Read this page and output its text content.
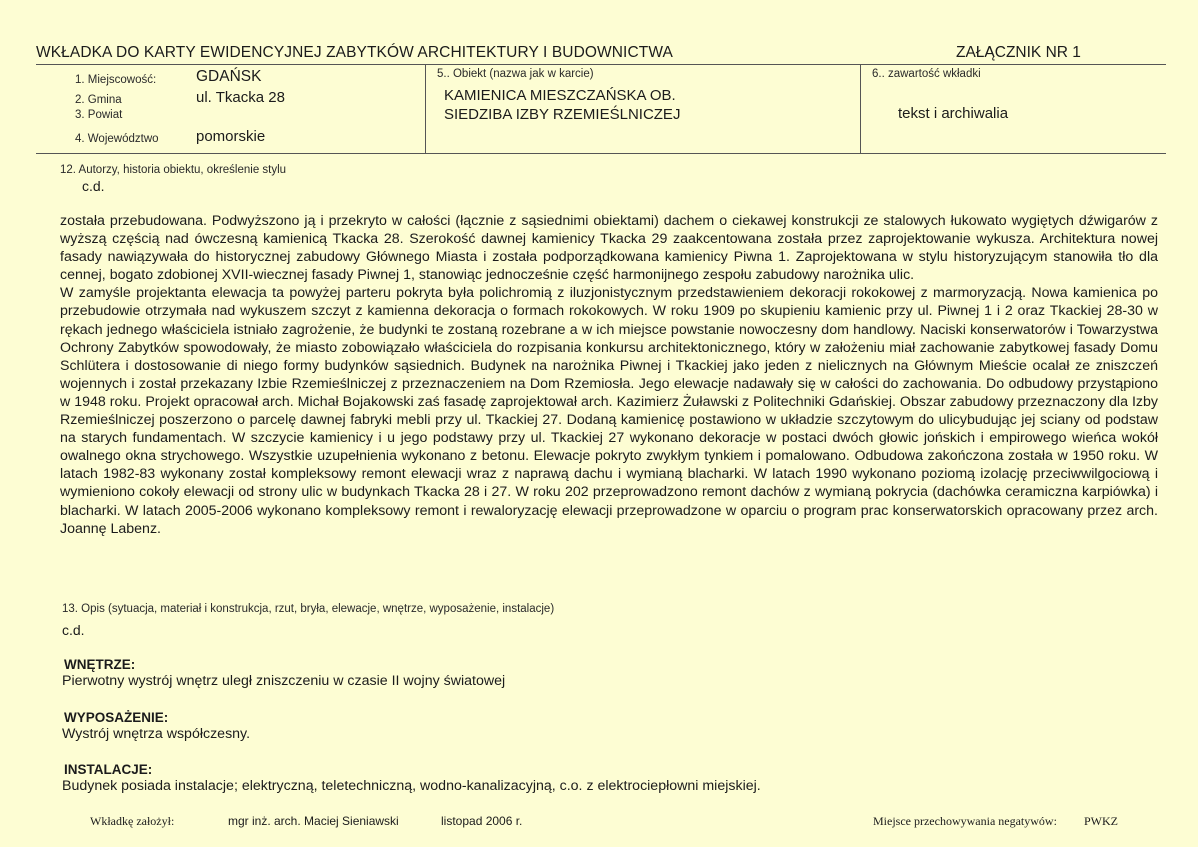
WKŁADKA DO KARTY EWIDENCYJNEJ ZABYTKÓW ARCHITEKTURY I BUDOWNICTWA	ZAŁĄCZNIK NR 1
1. Miejscowość:	GDAŃSK
2. Gmina	ul. Tkacka 28
3. Powiat
4. Województwo pomorskie
5.. Obiekt (nazwa jak w karcie)
KAMIENICA MIESZCZAŃSKA OB.
SIEDZIBA IZBY RZEMIEŚLNICZEJ
6.. zawartość wkładki
tekst i archiwalia
12. Autorzy, historia obiektu, określenie stylu
c.d.

została przebudowana. Podwyższono ją i przekryto w całości (łącznie z sąsiednimi obiektami) dachem o ciekawej konstrukcji ze stalowych łukowato wygiętych dźwigarów z wyższą częścią nad ówczesną kamienicą Tkacka 28. Szerokość dawnej kamienicy Tkacka 29 zaakcentowana została przez zaprojektowanie wykusza. Architektura nowej fasady nawiązywała do historycznej zabudowy Głównego Miasta i została podporządkowana kamienicy Piwna 1. Zaprojektowana w stylu historyzującym stanowiła tło dla cennej, bogato zdobionej XVII-wiecznej fasady Piwnej 1, stanowiąc jednocześnie część harmonijnego zespołu zabudowy narożnika ulic.

W zamyśle projektanta elewacja ta powyżej parteru pokryta była polichromią z iluzjonistycznym przedstawieniem dekoracji rokokowej z marmoryzacją. Nowa kamienica po przebudowie otrzymała nad wykuszem szczyt z kamienna dekoracja o formach rokokowych. W roku 1909 po skupieniu kamienic przy ul. Piwnej 1 i 2 oraz Tkackiej 28-30 w rękach jednego właściciela istniało zagrożenie, że budynki te zostaną rozebrane a w ich miejsce powstanie nowoczesny dom handlowy. Naciski konserwatorów i Towarzystwa Ochrony Zabytków spowodowały, że miasto zobowiązało właściciela do rozpisania konkursu architektonicznego, który w założeniu miał zachowanie zabytkowej fasady Domu Schlütera i dostosowanie di niego formy budynków sąsiednich. Budynek na narożnika Piwnej i Tkackiej jako jeden z nielicznych na Głównym Mieście ocalał ze zniszczeń wojennych i został przekazany Izbie Rzemieślniczej z przeznaczeniem na Dom Rzemiosła. Jego elewacje nadawały się w całości do zachowania. Do odbudowy przystąpiono w 1948 roku. Projekt opracował arch. Michał Bojakowski zaś fasadę zaprojektował arch. Kazimierz Żuławski z Politechniki Gdańskiej. Obszar zabudowy przeznaczony dla Izby Rzemieślniczej poszerzono o parcelę dawnej fabryki mebli przy ul. Tkackiej 27. Dodaną kamienicę postawiono w układzie szczytowym do ulicybudując jej sciany od podstaw na starych fundamentach. W szczycie kamienicy i u jego podstawy przy ul. Tkackiej 27 wykonano dekoracje w postaci dwóch głowic jońskich i empirowego wieńca wokół owalnego okna strychowego. Wszystkie uzupełnienia wykonano z betonu. Elewacje pokryto zwykłym tynkiem i pomalowano. Odbudowa zakończona została w 1950 roku. W latach 1982-83 wykonany został kompleksowy remont elewacji wraz z naprawą dachu i wymianą blacharki. W latach 1990 wykonano poziomą izolację przeciwwilgociową i wymieniono cokoły elewacji od strony ulic w budynkach Tkacka 28 i 27. W roku 202 przeprowadzono remont dachów z wymianą pokrycia (dachówka ceramiczna karpiówka) i blacharki. W latach 2005-2006 wykonano kompleksowy remont i rewaloryzację elewacji przeprowadzone w oparciu o program prac konserwatorskich opracowany przez arch. Joannę Labenz.

13. Opis (sytuacja, materiał i konstrukcja, rzut, bryła, elewacje, wnętrze, wyposażenie, instalacje)
c.d.
WNĘTRZE:
Pierwotny wystrój wnętrz uległ zniszczeniu w czasie II wojny światowej
WYPOSAŻENIE:
Wystrój wnętrza współczesny.
INSTALACJE:
Budynek posiada instalacje; elektryczną, teletechniczną, wodno-kanalizacyjną, c.o. z elektrociepłowni miejskiej.
Wkładkę założył:	mgr inż. arch. Maciej Sieniawski	listopad 2006 r.	Miejsce przechowywania negatywów: PWKZ
